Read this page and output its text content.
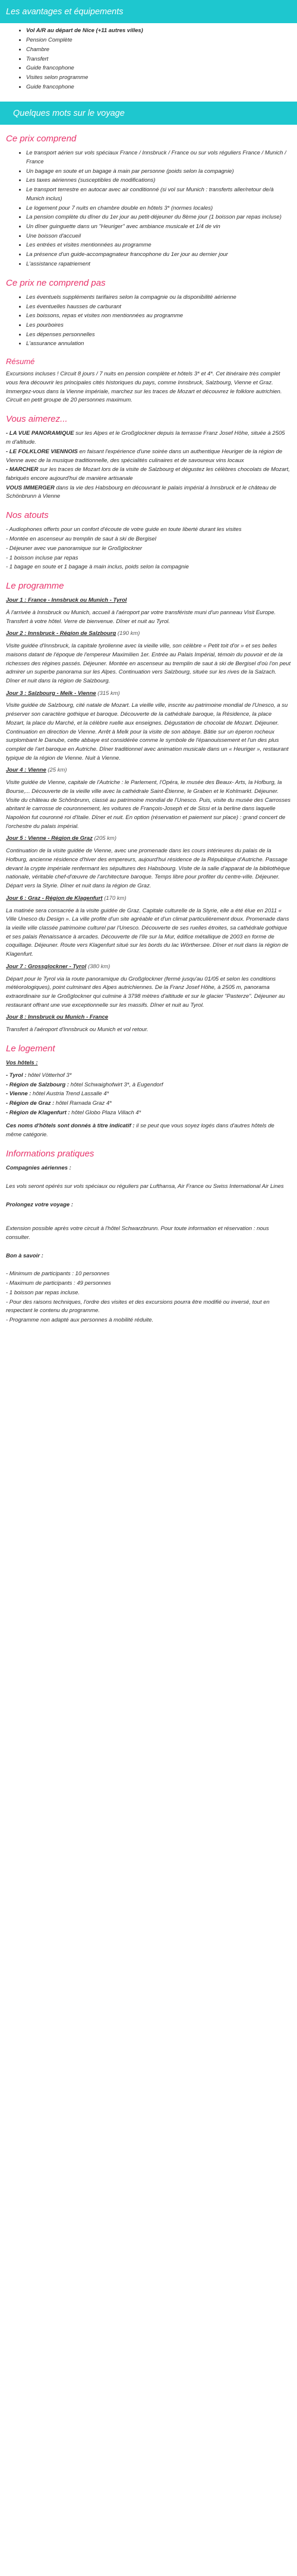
Les avantages et équipements
• Vol A/R au départ de Nice (+11 autres villes)
• Pension Complète
• Chambre
• Transfert
• Guide francophone
• Visites selon programme
• Guide francophone
Quelques mots sur le voyage
Ce prix comprend
• Le transport aérien sur vols spéciaux France / Innsbruck / France ou sur vols réguliers France / Munich / France
• Un bagage en soute et un bagage à main par personne (poids selon la compagnie)
• Les taxes aériennes (susceptibles de modifications)
• Le transport terrestre en autocar avec air conditionné (si vol sur Munich : transferts aller/retour de/à Munich inclus)
• Le logement pour 7 nuits en chambre double en hôtels 3* (normes locales)
• La pension complète du dîner du 1er jour au petit-déjeuner du 8ème jour (1 boisson par repas incluse)
• Un dîner guinguette dans un "Heuriger" avec ambiance musicale et 1/4 de vin
• Une boisson d'accueil
• Les entrées et visites mentionnées au programme
• La présence d'un guide-accompagnateur francophone du 1er jour au dernier jour
• L'assistance rapatriement
Ce prix ne comprend pas
• Les éventuels suppléments tarifaires selon la compagnie ou la disponibilité aérienne
• Les éventuelles hausses de carburant
• Les boissons, repas et visites non mentionnées au programme
• Les pourboires
• Les dépenses personnelles
• L'assurance annulation
Résumé

Excursions incluses ! Circuit 8 jours / 7 nuits en pension complète et hôtels 3* et 4*. Cet itinéraire très complet vous fera découvrir les principales cités historiques du pays, comme Innsbruck, Salzbourg, Vienne et Graz. Immergez-vous dans la Vienne impériale, marchez sur les traces de Mozart et découvrez le folklore autrichien. Circuit en petit groupe de 20 personnes maximum.

Vous aimerez...
- LA VUE PANORAMIQUE sur les Alpes et le Großglockner depuis la terrasse Franz Josef Höhe, située à 2505 m d'altitude.
- LE FOLKLORE VIENNOIS en faisant l'expérience d'une soirée dans un authentique Heuriger de la région de Vienne avec de la musique traditionnelle, des spécialités culinaires et de savoureux vins locaux
- MARCHER sur les traces de Mozart lors de la visite de Salzbourg et dégustez les célèbres chocolats de Mozart, fabriqués encore aujourd'hui de manière artisanale
VOUS IMMERGER dans la vie des Habsbourg en découvrant le palais impérial à Innsbruck et le château de Schönbrunn à Vienne
Nos atouts
- Audiophones offerts pour un confort d'écoute de votre guide en toute liberté durant les visites
- Montée en ascenseur au tremplin de saut à ski de Bergisel
- Déjeuner avec vue panoramique sur le Großglockner
- 1 boisson incluse par repas
- 1 bagage en soute et 1 bagage à main inclus, poids selon la compagnie
Le programme

Jour 1 : France - Innsbruck ou Munich - Tyrol

À l'arrivée à Innsbruck ou Munich, accueil à l'aéroport par votre transfériste muni d'un panneau Visit Europe. Transfert à votre hôtel. Verre de bienvenue. Dîner et nuit au Tyrol.

Jour 2 : Innsbruck - Région de Salzbourg (190 km)

Visite guidée d'Innsbruck, la capitale tyrolienne avec la vieille ville, son célèbre « Petit toit d'or » et ses belles maisons datant de l'époque de l'empereur Maximilien 1er. Entrée au Palais Impérial, témoin du pouvoir et de la richesses des régines passés. Déjeuner. Montée en ascenseur au tremplin de saut à ski de Bergisel d'où l'on peut admirer un superbe panorama sur les Alpes. Continuation vers Salzbourg, située sur les rives de la Salzach. Dîner et nuit dans la région de Salzbourg.

Jour 3 : Salzbourg - Melk - Vienne (315 km)

Visite guidée de Salzbourg, cité natale de Mozart. La vieille ville, inscrite au patrimoine mondial de l'Unesco, a su préserver son caractère gothique et baroque. Découverte de la cathédrale baroque, la Résidence, la place Mozart, la place du Marché, et la célèbre ruelle aux enseignes. Dégustation de chocolat de Mozart. Déjeuner. Continuation en direction de Vienne. Arrêt à Melk pour la visite de son abbaye. Bâtie sur un éperon rocheux surplombant le Danube, cette abbaye est considérée comme le symbole de l'épanouissement et l'un des plus complet de l'art baroque en Autriche. Dîner traditionnel avec animation musicale dans un « Heuriger », restaurant typique de la région de Vienne. Nuit à Vienne.

Jour 4 : Vienne (25 km)

Visite guidée de Vienne, capitale de l'Autriche : le Parlement, l'Opéra, le musée des Beaux- Arts, la Hofburg, la Bourse,... Découverte de la vieille ville avec la cathédrale Saint-Étienne, le Graben et le Kohlmarkt. Déjeuner. Visite du château de Schönbrunn, classé au patrimoine mondial de l'Unesco. Puis, visite du musée des Carrosses abritant le carrosse de couronnement, les voitures de François-Joseph et de Sissi et la berline dans laquelle Napoléon fut couronné roi d'Italie. Dîner et nuit. En option (réservation et paiement sur place) : grand concert de l'orchestre du palais impérial.

Jour 5 : Vienne - Région de Graz (205 km)

Continuation de la visite guidée de Vienne, avec une promenade dans les cours intérieures du palais de la Hofburg, ancienne résidence d'hiver des empereurs, aujourd'hui résidence de la République d'Autriche. Passage devant la crypte impériale renfermant les sépultures des Habsbourg. Visite de la salle d'apparat de la bibliothèque nationale, véritable chef-d'œuvre de l'architecture baroque. Temps libre pour profiter du centre-ville. Déjeuner. Départ vers la Styrie. Dîner et nuit dans la région de Graz.

Jour 6 : Graz - Région de Klagenfurt (170 km)

La matinée sera consacrée à la visite guidée de Graz. Capitale culturelle de la Styrie, elle a été élue en 2011 « Ville Unesco du Design ». La ville profite d'un site agréable et d'un climat particulièrement doux. Promenade dans la vieille ville classée patrimoine culturel par l'Unesco. Découverte de ses ruelles étroites, sa cathédrale gothique et ses palais Renaissance à arcades. Découverte de l'île sur la Mur, édifice métallique de 2003 en forme de coquillage. Déjeuner. Route vers Klagenfurt situé sur les bords du lac Wörthersee. Dîner et nuit dans la région de Klagenfurt.

Jour 7 : Grossglockner - Tyrol (380 km)

Départ pour le Tyrol via la route panoramique du Großglockner (fermé jusqu'au 01/05 et selon les conditions météorologiques), point culminant des Alpes autrichiennes. De la Franz Josef Höhe, à 2505 m, panorama extraordinaire sur le Großglockner qui culmine à 3798 mètres d'altitude et sur le glacier "Pasterze". Déjeuner au restaurant offrant une vue exceptionnelle sur les massifs. Dîner et nuit au Tyrol.

Jour 8 : Innsbruck ou Munich - France

Transfert à l'aéroport d'Innsbruck ou Munich et vol retour.

Le logement

Vos hôtels :

- Tyrol : hôtel Vötterhof 3*
- Région de Salzbourg : hôtel Schwaighofwirt 3*, à Eugendorf
- Vienne : hôtel Austria Trend Lassalle 4*
- Région de Graz : hôtel Ramada Graz 4*
- Région de Klagenfurt : hôtel Globo Plaza Villach 4*

Ces noms d'hôtels sont donnés à titre indicatif : il se peut que vous soyez logés dans d'autres hôtels de même catégorie.

Informations pratiques

Compagnies aériennes :

Les vols seront opérés sur vols spéciaux ou réguliers par Lufthansa, Air France ou Swiss International Air Lines

Prolongez votre voyage :

Extension possible après votre circuit à l'hôtel Schwarzbrunn. Pour toute information et réservation : nous consulter.

Bon à savoir :

- Minimum de participants : 10 personnes
- Maximum de participants : 49 personnes
- 1 boisson par repas incluse.
- Pour des raisons techniques, l'ordre des visites et des excursions pourra être modifié ou inversé, tout en respectant le contenu du programme.
- Programme non adapté aux personnes à mobilité réduite.
